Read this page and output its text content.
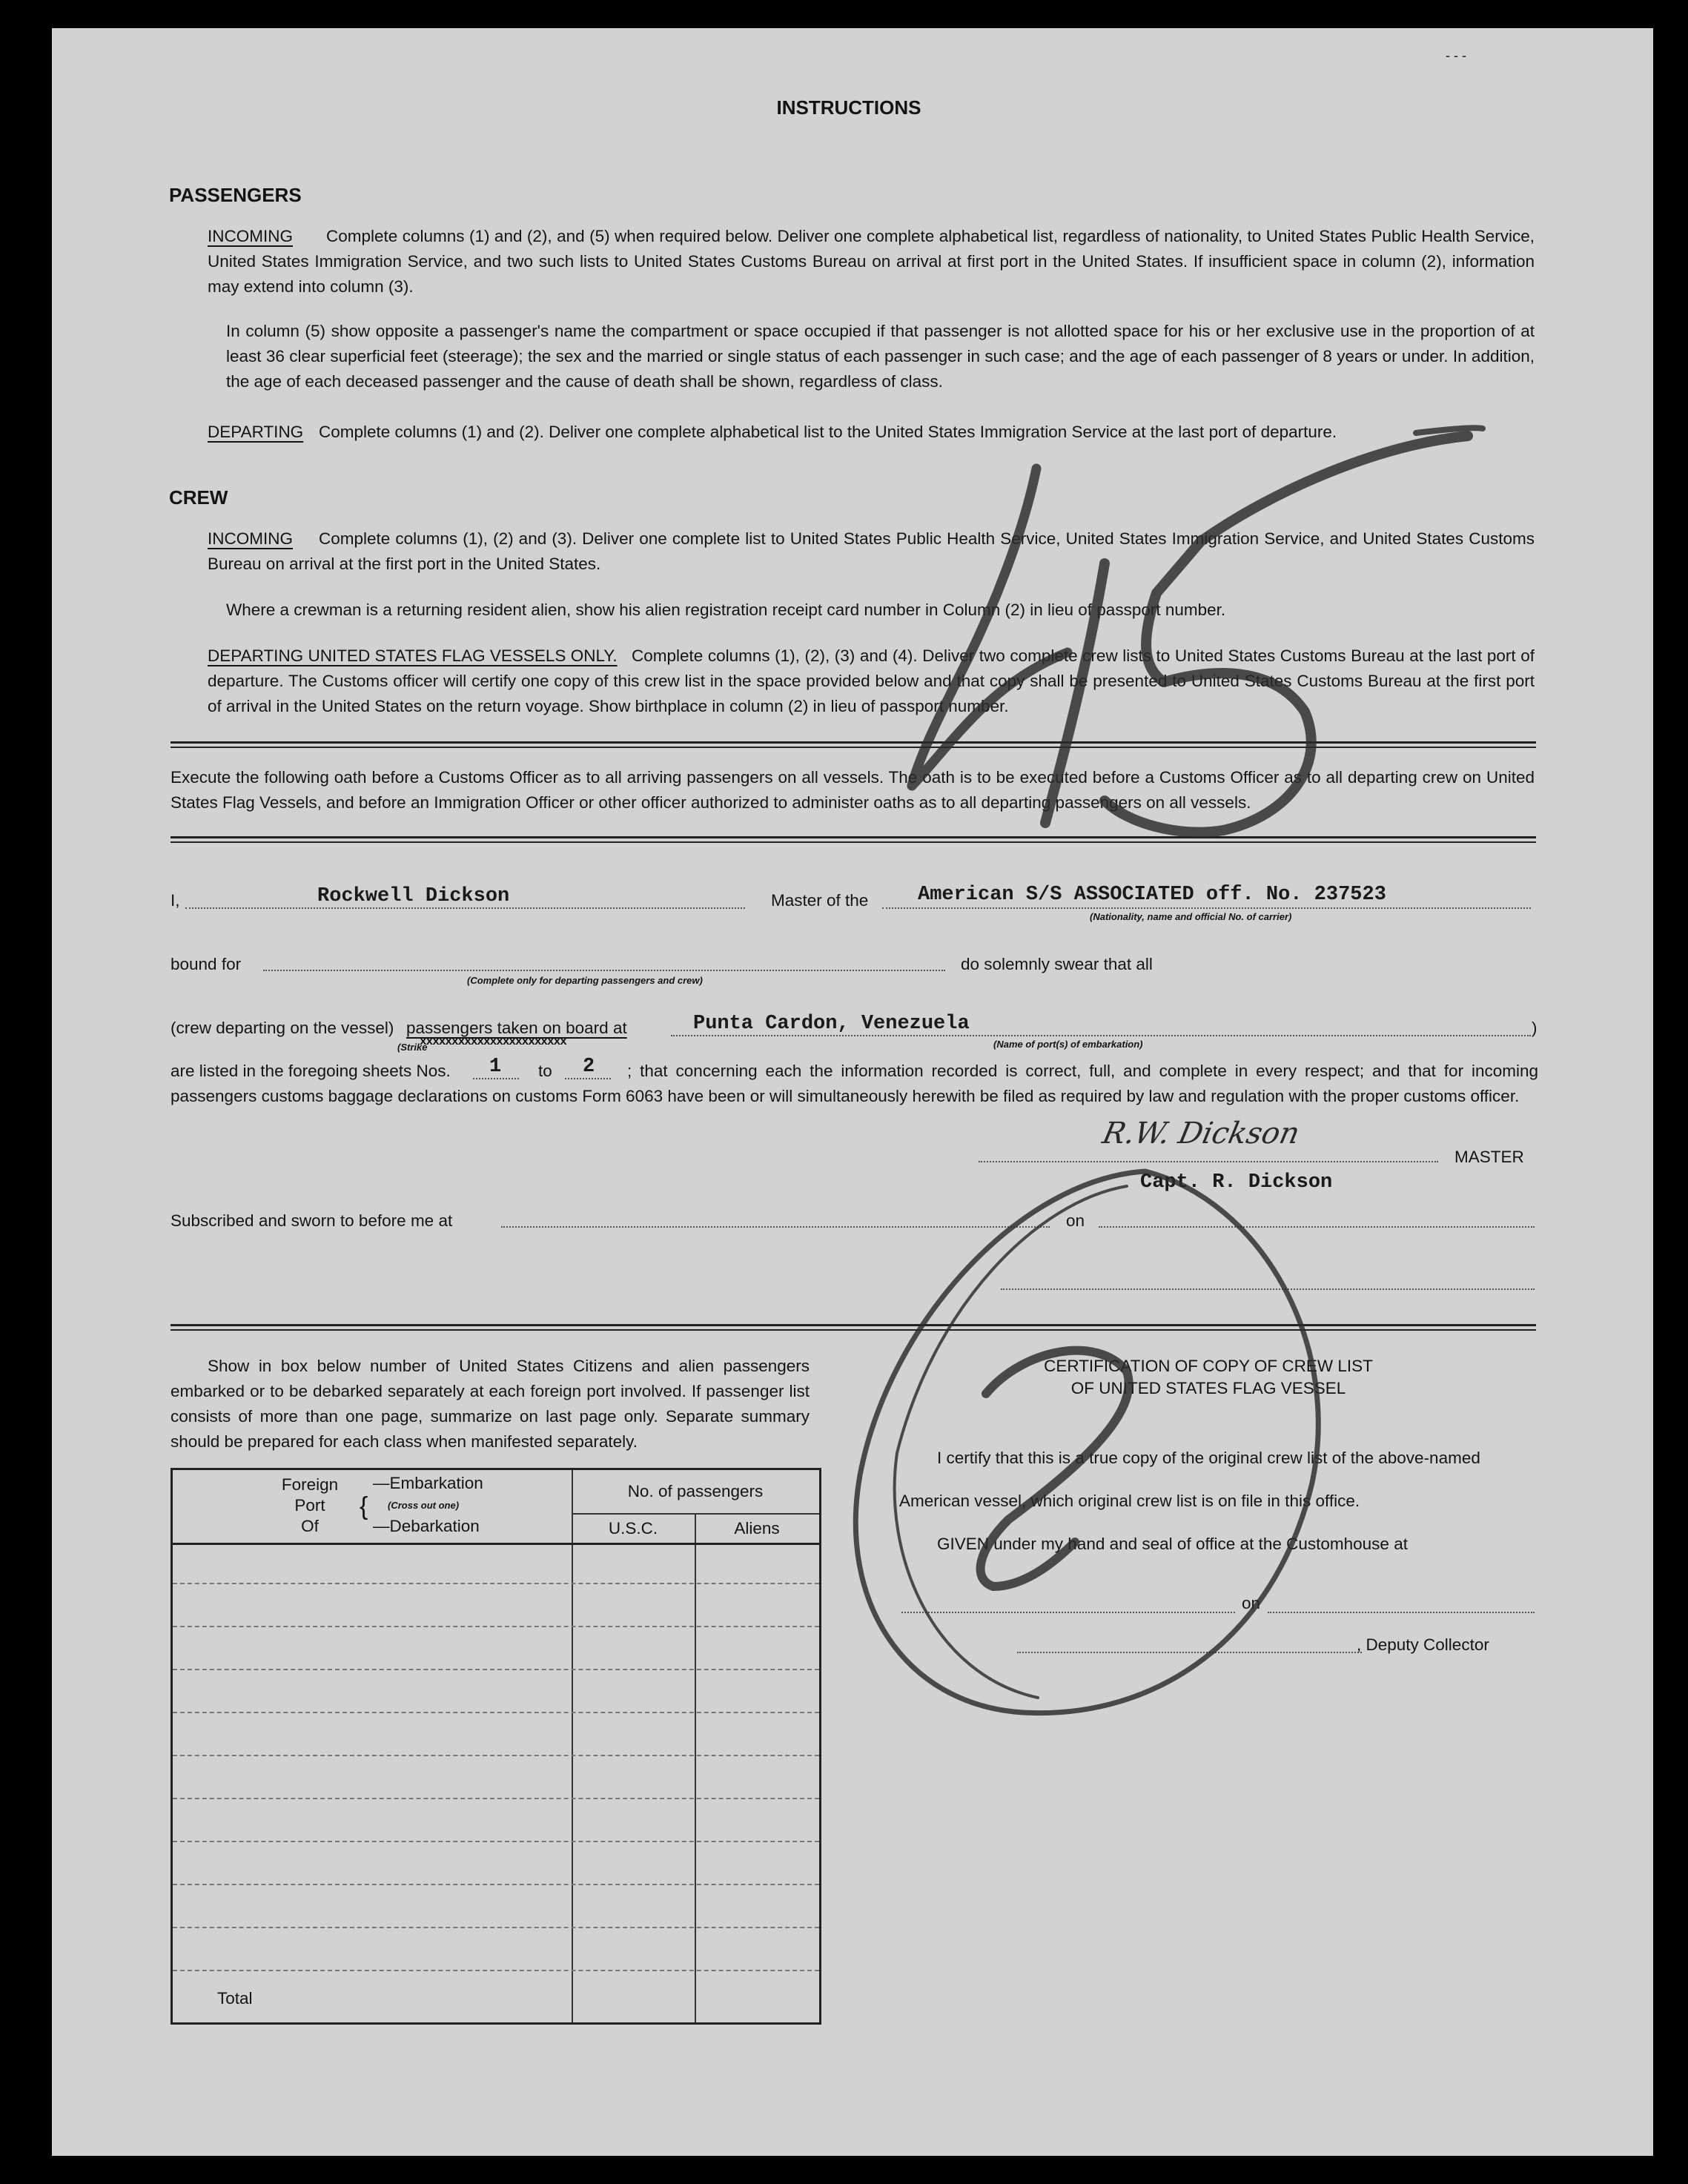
- - -
INSTRUCTIONS
PASSENGERS
INCOMING	Complete columns (1) and (2), and (5) when required below. Deliver one complete alphabetical list, regardless of nationality, to United States Public Health Service, United States Immigration Service, and two such lists to United States Customs Bureau on arrival at first port in the United States. If insufficient space in column (2), information may extend into column (3).
In column (5) show opposite a passenger's name the compartment or space occupied if that passenger is not allotted space for his or her exclusive use in the proportion of at least 36 clear superficial feet (steerage); the sex and the married or single status of each passenger in such case; and the age of each passenger of 8 years or under. In addition, the age of each deceased passenger and the cause of death shall be shown, regardless of class.
DEPARTING Complete columns (1) and (2). Deliver one complete alphabetical list to the United States Immigration Service at the last port of departure.
CREW
INCOMING	Complete columns (1), (2) and (3). Deliver one complete list to United States Public Health Service, United States Immigration Service, and United States Customs Bureau on arrival at the first port in the United States.
Where a crewman is a returning resident alien, show his alien registration receipt card number in Column (2) in lieu of passport number.
DEPARTING UNITED STATES FLAG VESSELS ONLY. Complete columns (1), (2), (3) and (4). Deliver two complete crew lists to United States Customs Bureau at the last port of departure. The Customs officer will certify one copy of this crew list in the space provided below and that copy shall be presented to United States Customs Bureau at the first port of arrival in the United States on the return voyage. Show birthplace in column (2) in lieu of passport number.
Execute the following oath before a Customs Officer as to all arriving passengers on all vessels. The oath is to be executed before a Customs Officer as to all departing crew on United States Flag Vessels, and before an Immigration Officer or other officer authorized to administer oaths as to all departing passengers on all vessels.
I,	Rockwell Dickson	Master of the American S/S ASSOCIATED off. No. 237523
(Nationality, name and official No. of carrier)
bound for
(Complete only for departing passengers and crew)
do solemnly swear that all
(crew departing on the vessel) passengers taken on board at
(Strike
xxxxxxxxxxxxxxxxxxxxxxx
Punta Cardon, Venezuela
(Name of port(s) of embarkation)
)
are listed in the foregoing sheets Nos. 1 to 2	; that concerning each the information recorded is correct, full, and complete in every respect; and that for incoming passengers customs baggage declarations on customs Form 6063 have been or will simultaneously herewith be filed as required by law and regulation with the proper customs officer.
R.W. Dickson
MASTER
Capt. R. Dickson
Subscribed and sworn to before me at	on
Show in box below number of United States Citizens and alien passengers embarked or to be debarked separately at each foreign port involved. If passenger list consists of more than one page, summarize on last page only. Separate summary should be prepared for each class when manifested separately.
Foreign
Port
Of
{
—Embarkation
(Cross out one)
—Debarkation
No. of passengers
U.S.C.	Aliens
Total
CERTIFICATION OF COPY OF CREW LIST
OF UNITED STATES FLAG VESSEL
I certify that this is a true copy of the original crew list of the above-named
American vessel, which original crew list is on file in this office.
GIVEN under my hand and seal of office at the Customhouse at
on
, Deputy Collector
